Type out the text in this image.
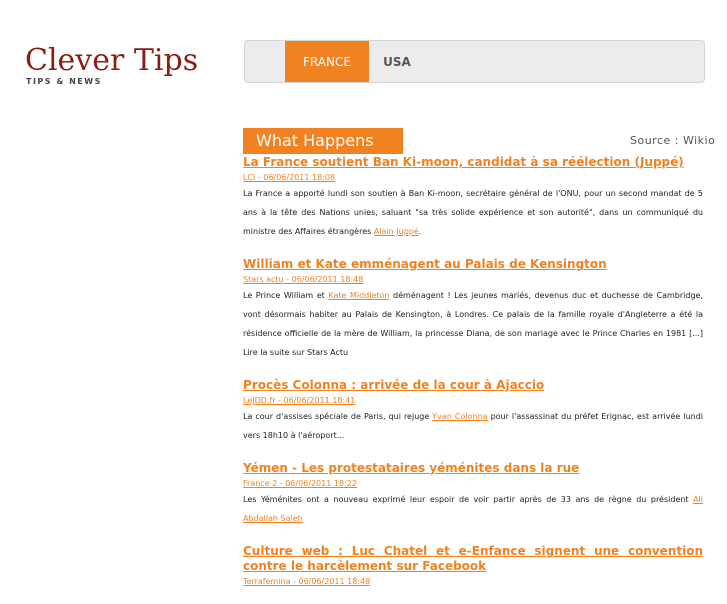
Clever Tips
TIPS & NEWS
FRANCE	USA
What Happens	Source : Wikio
La France soutient Ban Ki-moon, candidat à sa réélection (Juppé)
LCI - 06/06/2011 18:08
La France a apporté lundi son soutien à Ban Ki-moon, secrétaire général de l'ONU, pour un second mandat de 5 ans à la tête des Nations unies, saluant "sa très solide expérience et son autorité", dans un communiqué du ministre des Affaires étrangères Alain Juppé.
William et Kate emménagent au Palais de Kensington
Stars actu - 06/06/2011 18:48
Le Prince William et Kate Middleton déménagent ! Les jeunes mariés, devenus duc et duchesse de Cambridge, vont désormais habiter au Palais de Kensington, à Londres. Ce palais de la famille royale d'Angleterre a été la résidence officielle de la mère de William, la princesse Diana, de son mariage avec le Prince Charles en 1981 [...] Lire la suite sur Stars Actu
Procès Colonna : arrivée de la cour à Ajaccio
LeJDD.fr - 06/06/2011 18:41
La cour d'assises spéciale de Paris, qui rejuge Yvan Colonna pour l'assassinat du préfet Erignac, est arrivée lundi vers 18h10 à l'aéroport...
Yémen - Les protestataires yéménites dans la rue
France 2 - 06/06/2011 18:22
Les Yéménites ont a nouveau exprimé leur espoir de voir partir après de 33 ans de règne du président Ali Abdallah Saleh
Culture web : Luc Chatel et e-Enfance signent une convention contre le harcèlement sur Facebook
Terrafemina - 06/06/2011 18:48
